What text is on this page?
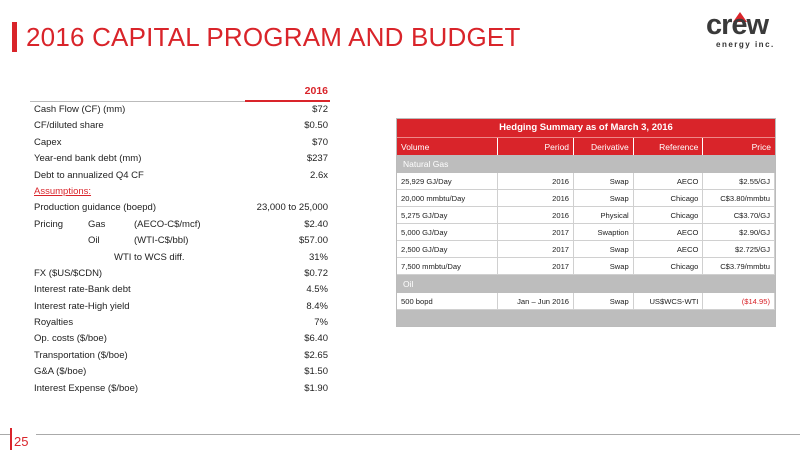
2016 CAPITAL PROGRAM AND BUDGET	crew
energy inc.
2016
Cash Flow (CF) (mm)	$72
CF/diluted share	$0.50
Capex	$70
Year-end bank debt (mm)	$237
Debt to annualized Q4 CF	2.6x
Assumptions:
Production guidance (boepd)	23,000 to 25,000
Pricing	Gas	(AECO-C$/mcf)	$2.40
Oil	(WTI-C$/bbl)	$57.00
WTI to WCS diff.	31%
FX ($US/$CDN)	$0.72
Interest rate-Bank debt	4.5%
Interest rate-High yield	8.4%
Royalties	7%
Op. costs ($/boe)	$6.40
Transportation ($/boe)	$2.65
G&A ($/boe)	$1.50
Interest Expense ($/boe)	$1.90
Hedging Summary as of March 3, 2016
Volume	Period	Derivative	Reference	Price
Natural Gas
25,929 GJ/Day	2016	Swap	AECO	$2.55/GJ
20,000 mmbtu/Day	2016	Swap	Chicago	C$3.80/mmbtu
5,275 GJ/Day	2016	Physical	Chicago	C$3.70/GJ
5,000 GJ/Day	2017	Swaption	AECO	$2.90/GJ
2,500 GJ/Day	2017	Swap	AECO	$2.725/GJ
7,500 mmbtu/Day	2017	Swap	Chicago	C$3.79/mmbtu
Oil
500 bopd	Jan – Jun 2016	Swap	US$WCS-WTI	($14.95)
25
